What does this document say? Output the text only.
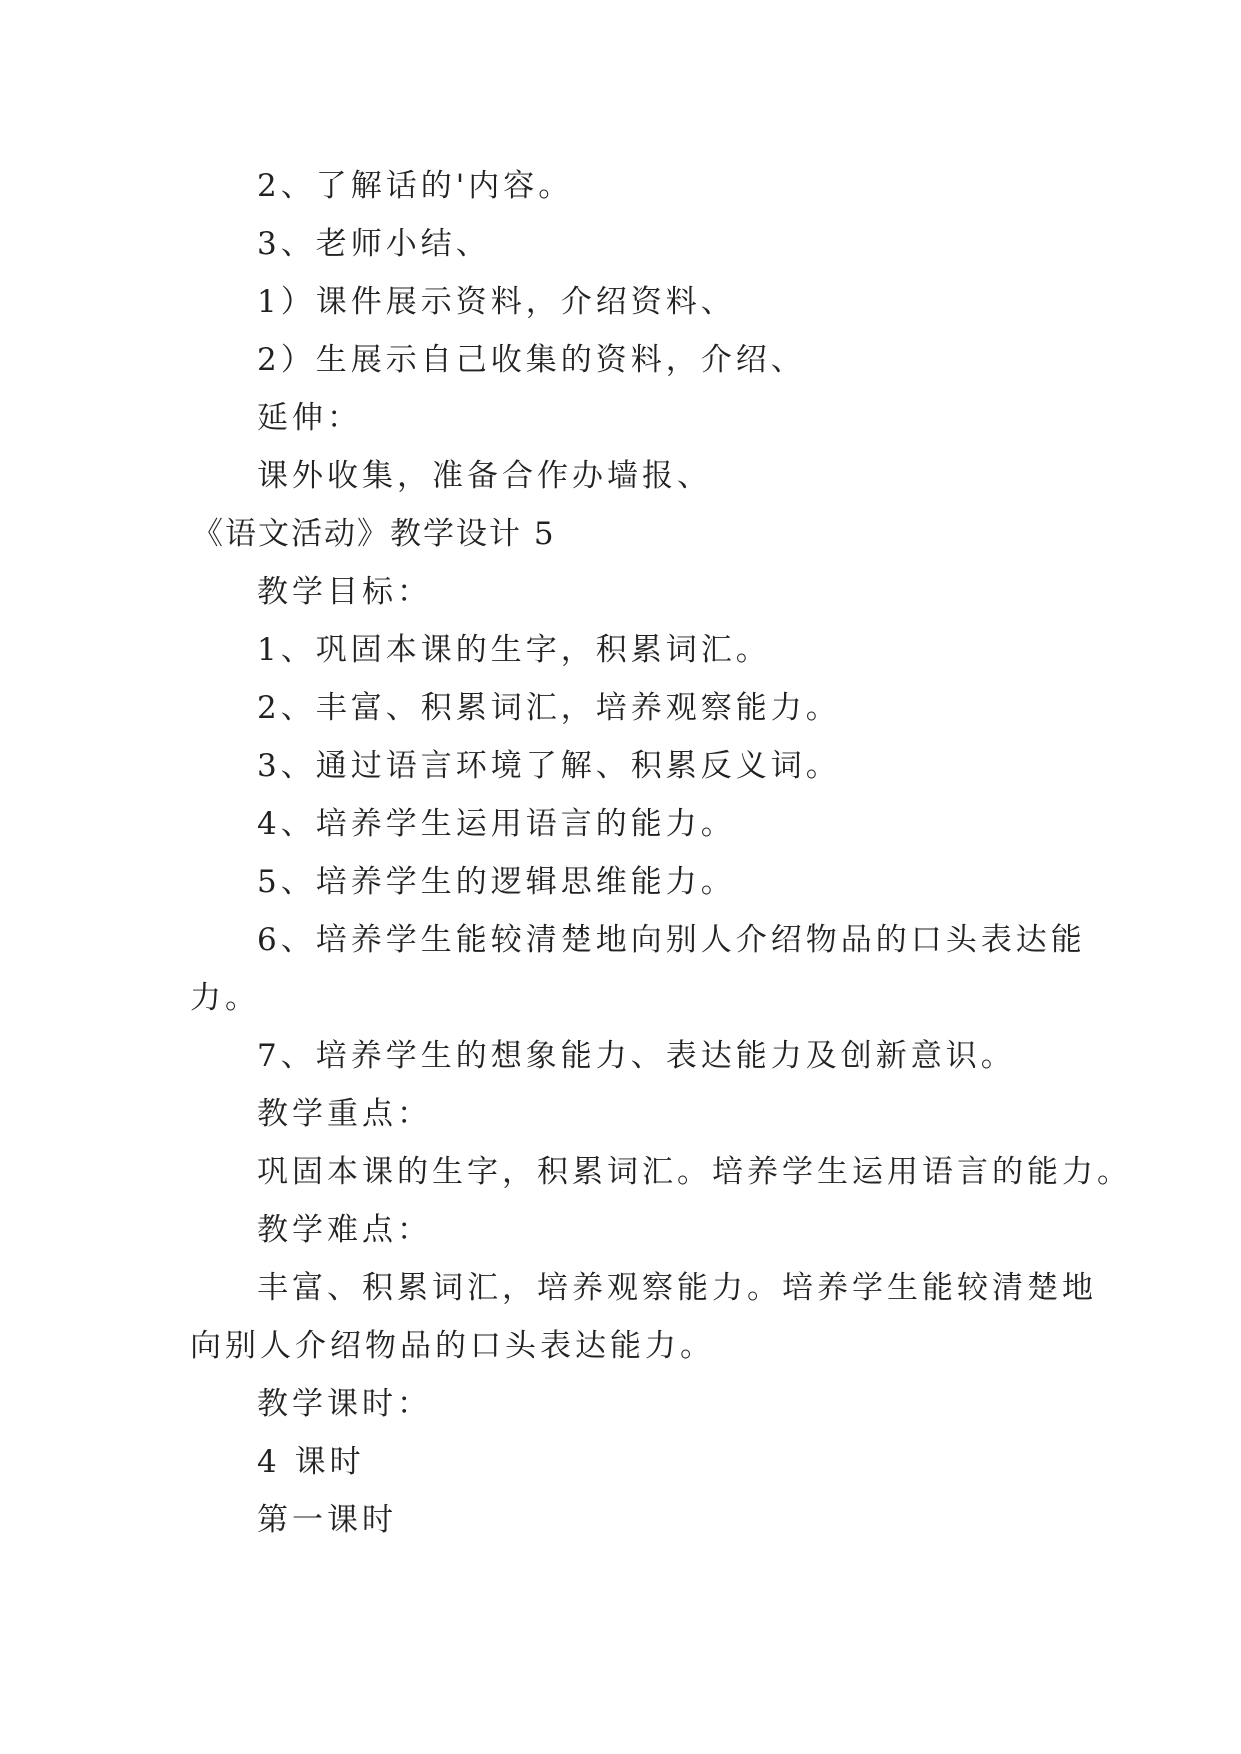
2、了解话的'内容。
3、老师小结、
1）课件展示资料，介绍资料、
2）生展示自己收集的资料，介绍、
延伸：
课外收集，准备合作办墙报、
《语文活动》教学设计 5
教学目标：
1、巩固本课的生字，积累词汇。
2、丰富、积累词汇，培养观察能力。
3、通过语言环境了解、积累反义词。
4、培养学生运用语言的能力。
5、培养学生的逻辑思维能力。
6、培养学生能较清楚地向别人介绍物品的口头表达能
力。
7、培养学生的想象能力、表达能力及创新意识。
教学重点：
巩固本课的生字，积累词汇。培养学生运用语言的能力。
教学难点：
丰富、积累词汇，培养观察能力。培养学生能较清楚地
向别人介绍物品的口头表达能力。
教学课时：
4 课时
第一课时
